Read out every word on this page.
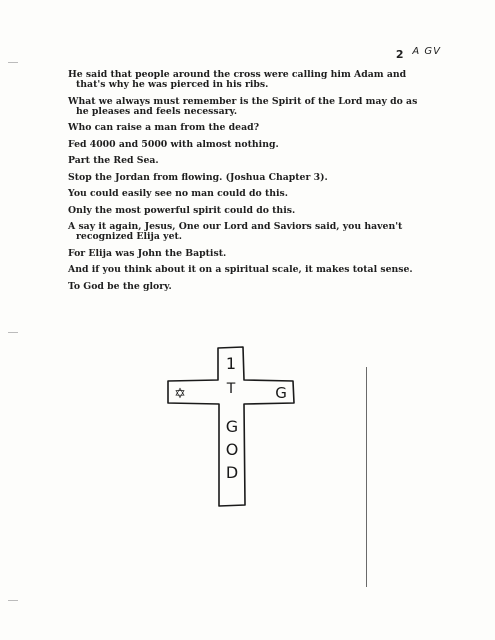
2 A GV

He said that people around the cross were calling him Adam and that's why he was pierced in his ribs.

What we always must remember is the Spirit of the Lord may do as he pleases and feels necessary.

Who can raise a man from the dead?

Fed 4000 and 5000 with almost nothing.

Part the Red Sea.

Stop the Jordan from flowing. (Joshua Chapter 3).

You could easily see no man could do this.

Only the most powerful spirit could do this.

A say it again, Jesus, One our Lord and Saviors said, you haven't recognized Elija yet.

For Elija was John the Baptist.

And if you think about it on a spiritual scale, it makes total sense.

To God be the glory.

1
T
✡	G
G
O
D
